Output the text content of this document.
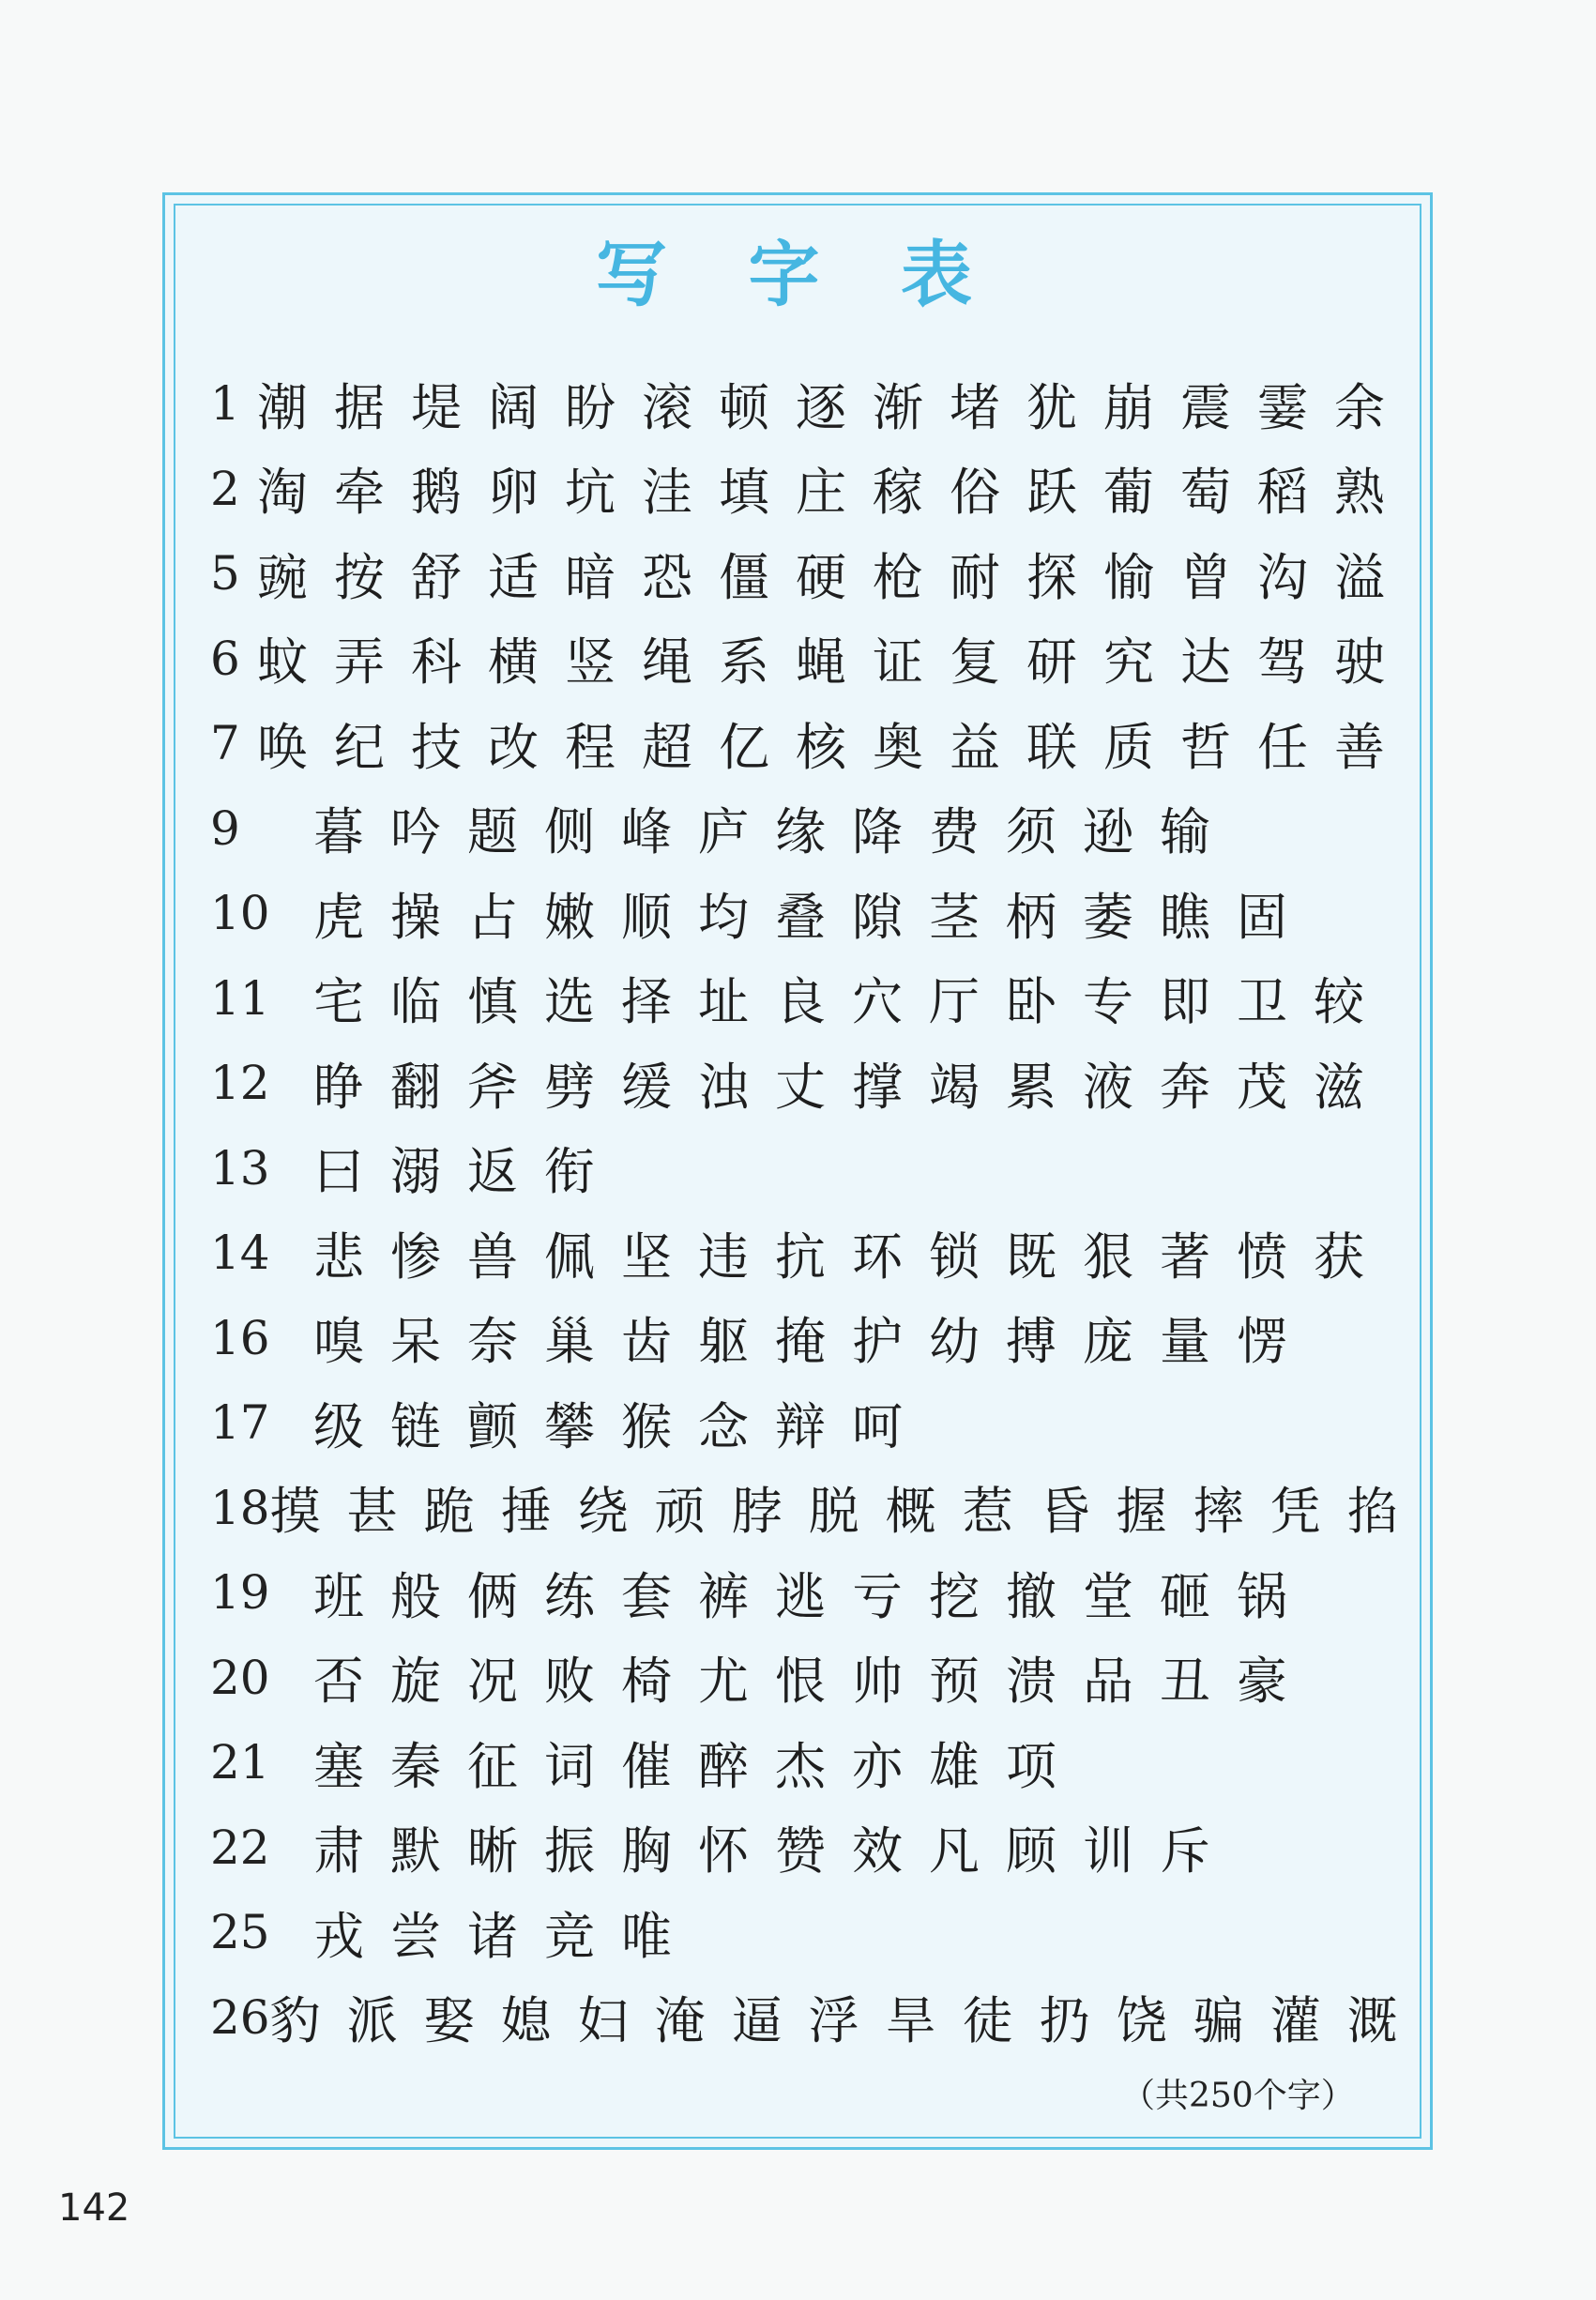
写 字 表
1 潮据堤阔盼滚顿逐渐堵犹崩震霎余
2 淘牵鹅卵坑洼填庄稼俗跃葡萄稻熟
5 豌按舒适暗恐僵硬枪耐探愉曾沟溢
6 蚊弄科横竖绳系蝇证复研究达驾驶
7 唤纪技改程超亿核奥益联质哲任善
9	暮吟题侧峰庐缘降费须逊输
10 虎操占嫩顺均叠隙茎柄萎瞧固
11 宅临慎选择址良穴厅卧专即卫较
12 睁翻斧劈缓浊丈撑竭累液奔茂滋
13 曰溺返衔
14 悲惨兽佩坚违抗环锁既狠著愤获
16 嗅呆奈巢齿躯掩护幼搏庞量愣
17 级链颤攀猴念辩呵
18 摸甚跪捶绕顽脖脱概惹昏握摔凭掐
19 班般俩练套裤逃亏挖撤堂砸锅
20 否旋况败椅尤恨帅预溃品丑豪
21 塞秦征词催醉杰亦雄项
22 肃默晰振胸怀赞效凡顾训斥
25 戎尝诸竞唯
26 豹派娶媳妇淹逼浮旱徒扔饶骗灌溉
（共250个字）
142
